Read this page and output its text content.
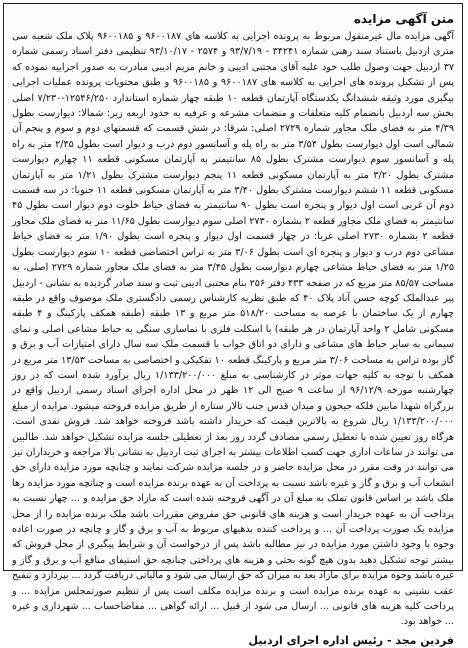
متن آگهی مزایده

آگهی مزایده مال غیرمنقول مربوط به پرونده اجرایی به کلاسه های ۹۶۰۰۱۸۷ و ۹۶۰۰۱۸۵ پلاک ملک شعبه سی متری اردبیل باستناد سند رهنی شماره ۳۴۲۴۱ - ۹۳/۷/۱۹ و ۲۵۷۴ - ۹۳/۱۰/۱۷ تنظیمی دفتر اسناد رسمی شماره ۳۷ اردبیل جهت وصول طلب خود علیه آقای مجتبی ادیبی و خانم مریم ادیبی مبادرت به صدور اجراییه نموده که پس از تشکیل پرونده های اجرایی به کلاسه های ۹۶۰۰۱۸۷ و ۹۶۰۰۱۸۵ و طبق محتویات پرونده عملیات اجرایی بیگیری مورد وثیقه ششدانگ یکدستگاه آپارتمان قطعه ۱۰ طبقه چهار شماره استاندارد ۱۲۵۴۶/۲۵۰-۷/۲۳۰ اصلی بخش سه اردبیل بانضمام کلیه متعلقات و منضمات مشرعه و عرفیه به حدود اربعه زیر: شمالا: دیوارست بطول ۴/۳۹ متر به فضای ملک مجاور شماره ۲۷۲۹ اصلی: شرقا: در شش قسمت که قسمتهای دوم و سوم و پنجم آن شمالی است اول دیوارست بطول ۳/۵۴ متر به راه پله و آسانسور دوم درب و دیوار است بطول ۲/۴۵ متر به راه پله و آسانسور سوم دیوارست مشترک بطول ۸۵ سانتیمتر به آپارتمان مسکونی قطعه ۱۱ چهارم دیوارست مشترک بطول ۳/۲۰ متر به آپارتمان مسکونی قطعه ۱۱ پنجم دیوارست مشترک بطول ۱/۲۱ متر به آپارتمان مسکونی قطعه ۱۱ ششم دیوارست مشترک بطول ۳/۴۰ متر به آپارتمان مسکونی قطعه ۱۱ جنوبا: در سه قسمت دوم آن غربی است اول دیوار و پنجره است بطول ۹۰ سانتیمتر به فضای حیاط خلوت دوم دیوار است بطول ۴۵ سانتیمتر به فضای ملک مجاور قطعه ۲ بشماره ۲۷۳۰ اصلی سوم دیوارست بطول ۱۱/۶۵ متر به فضای ملک مجاور قطعه ۲ بشماره ۲۷۳۰ اصلی غربا: در چهار قسمت اول دیوار و پنجره است بطول ۱/۹۰ متر به فضای حیاط مشاعی دوم درب و دیوار و پنجره ای است بطول ۳/۰۶ متر به تراس اختصاصی قطعه ۱۰ سوم دیوارست بطول ۱/۲۵ متر به فضای حیاط مشاعی چهارم دیوارست بطول ۳/۴۵ متر به فضای ملک مجاور شماره ۲۷۲۹ اصلی، به مساحت ۸۵/۵۷ متر مربع که در صفحه ۴۳۳ دفتر ۲۵۶ بنام مجتبی ادیبی ثبت و سند صادر گردیده به نشانی - اردبیل پیر عبدالملک کوچه حسن آباد پلاک ۴۰ که طبق نظریه کارشناس رسمی دادگستری ملک موصوف واقع در طبقه چهارم از یک ساختمان با عرصه به مساحت ۵۱۸/۲۰ متر مربع و ۱۳ طبقه (طبقه همکف پارکینگ و ۴ طبقه مسکونی شامل ۲ واحد آپارتمان در هر طبقه) با اسکلت فلزی با نماسازی سنگی به حیاط مشاعی اصلی و نمای سیمانی به سایر حیاط های مشاعی و دارای دو اتاق خواب با قسمت ملک سه سال دارای امتیازات آب و برق و گاز بوده تراس به مساحت ۳/۰۶ متر مربع و پارکینگ قطعه ۱۰ تفکیکی و اختصاصی به مساحت ۱۳/۵۳ متر مربع در همکف با توجه به کلیه جهات موثر در کارشناسی به مبلغ ۱/۱۳۳/۲۰۰/۰۰۰ ریال برآورد شده است که در روز چهارشنبه مورخه ۹۶/۱۲/۹ از ساعت ۹ صبح الی ۱۲ ظهر در محل اداره اجرای اسناد رسمی اردبیل واقع در بزرگراه شهدا مابین فلکه جیحون و میدان قدس جنب تالار ستاره از طریق مزایده فروخته میشود. مزایده از مبلغ ۱/۱۳۳/۲۰۰/۰۰۰ ریال شروع به بالاترین قیمت که خریدار داشته باشد فروخته خواهد شد. فروش نقدی است. هرگاه روز تعیین شده با تعطیل رسمی مصادف گردد روز بعد از تعطیلی جلسه مزایده تشکیل خواهد شد. طالبین می توانند در ساعات اداری جهت کسب اطلاعات بیشتر به اجرای ثبت اردبیل به نشانی بالا مراجعه و خریداران نیز می توانند در وقت مقرر در محل مزایده حاضر و در جلسه مزایده شرکت نمایند و چنانچه مورد مزایده دارای حق انشعاب آب و برق و گاز و غیره باشد نسبت به پرداخت آن به عهده برنده مزایده است و چنانچه مورد مزایده رها ملک باشد بر اساس قانون تملک به مبلغ آن در آگهی فروخته شده است که مازاد حق مزایده و ... چهار نسبت به پرداخت آن به عهده خریدار است و هزینه های قانونی حق مفروض مقررات باشد ملک برنده مزایده را از محل مزایده یک صورت پرداخت آن ... و پرداخت کننده بدهیهای مربوط به آب و برق و گاز و چانچه در صورت اعاده وجوه با وجود داشتن مورد مزایده در نیز مطالبه باشد پس از درخواست آن و شرایط پیگیری از محل فروش که بیشتر توجه تشکیل دهید بدون هیچ گونه بحثی و هزینه های پرداختی چنانچه حق استیفای منافع آب و برق و گاز و غیره باشد وجوه مزایده برای مازاد بعد به میزان که حق ارسال می شود و مالیاتی دریافت گردد ... بپردازد و تنقیح عقب نشینی به عهده برنده مزایده است و برنده مزایده مکلف است پس از تنظیم صورتمجلس مزایده ... و پرداخت کلیه هزینه های قانونی ... ارسال می شود از قبیل ... ارائه گواهی ... مفاصاحساب ... شهرداری و غیره ... خواهد بود.

فردین مجد - رئیس اداره اجرای اردبیل
